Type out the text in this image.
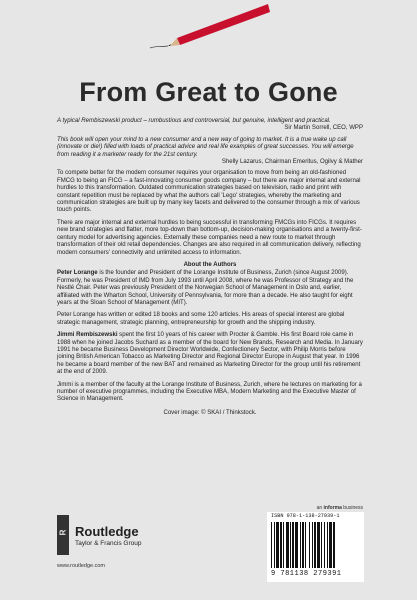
From Great to Gone

A typical Rembiszewski product – rumbustious and controversial, but genuine, intelligent and practical.

Sir Martin Sorrell, CEO, WPP

This book will open your mind to a new consumer and a new way of going to market. It is a true wake up call (innovate or die!) filled with loads of practical advice and real life examples of great successes. You will emerge from reading it a marketer ready for the 21st century.

Shelly Lazarus, Chairman Emeritus, Ogilvy & Mather

To compete better for the modern consumer requires your organisation to move from being an old-fashioned FMCG to being an FICG – a fast-innovating consumer goods company – but there are major internal and external hurdles to this transformation. Outdated communication strategies based on television, radio and print with constant repetition must be replaced by what the authors call 'Lego' strategies, whereby the marketing and communication strategies are built up by many key facets and delivered to the consumer through a mix of various touch points.

There are major internal and external hurdles to being successful in transforming FMCGs into FICGs. It requires new brand strategies and flatter, more top-down than bottom-up, decision-making organisations and a twenty-first-century model for advertising agencies. Externally these companies need a new route to market through transformation of their old retail dependencies. Changes are also required in all communication delivery, reflecting modern consumers' connectivity and unlimited access to information.

About the Authors

Peter Lorange is the founder and President of the Lorange Institute of Business, Zurich (since August 2009). Formerly, he was President of IMD from July 1993 until April 2008, where he was Professor of Strategy and the Nestlé Chair. Peter was previously President of the Norwegian School of Management in Oslo and, earlier, affiliated with the Wharton School, University of Pennsylvania, for more than a decade. He also taught for eight years at the Sloan School of Management (MIT).

Peter Lorange has written or edited 18 books and some 120 articles. His areas of special interest are global strategic management, strategic planning, entrepreneurship for growth and the shipping industry.

Jimmi Rembiszewski spent the first 10 years of his career with Procter & Gamble. His first Board role came in 1988 when he joined Jacobs Suchard as a member of the board for New Brands, Research and Media. In January 1991 he became Business Development Director Worldwide, Confectionery Sector, with Philip Morris before joining British American Tobacco as Marketing Director and Regional Director Europe in August that year. In 1996 he became a board member of the new BAT and remained as Marketing Director for the group until his retirement at the end of 2009.

Jimmi is a member of the faculty at the Lorange Institute of Business, Zurich, where he lectures on marketing for a number of executive programmes, including the Executive MBA, Modern Marketing and the Executive Master of Science in Management.

Cover image: © SKAI / Thinkstock.

an informa business
R Routledge
Taylor & Francis Group
www.routledge.com
ISBN 978-1-138-27939-1
9 781138 279391
